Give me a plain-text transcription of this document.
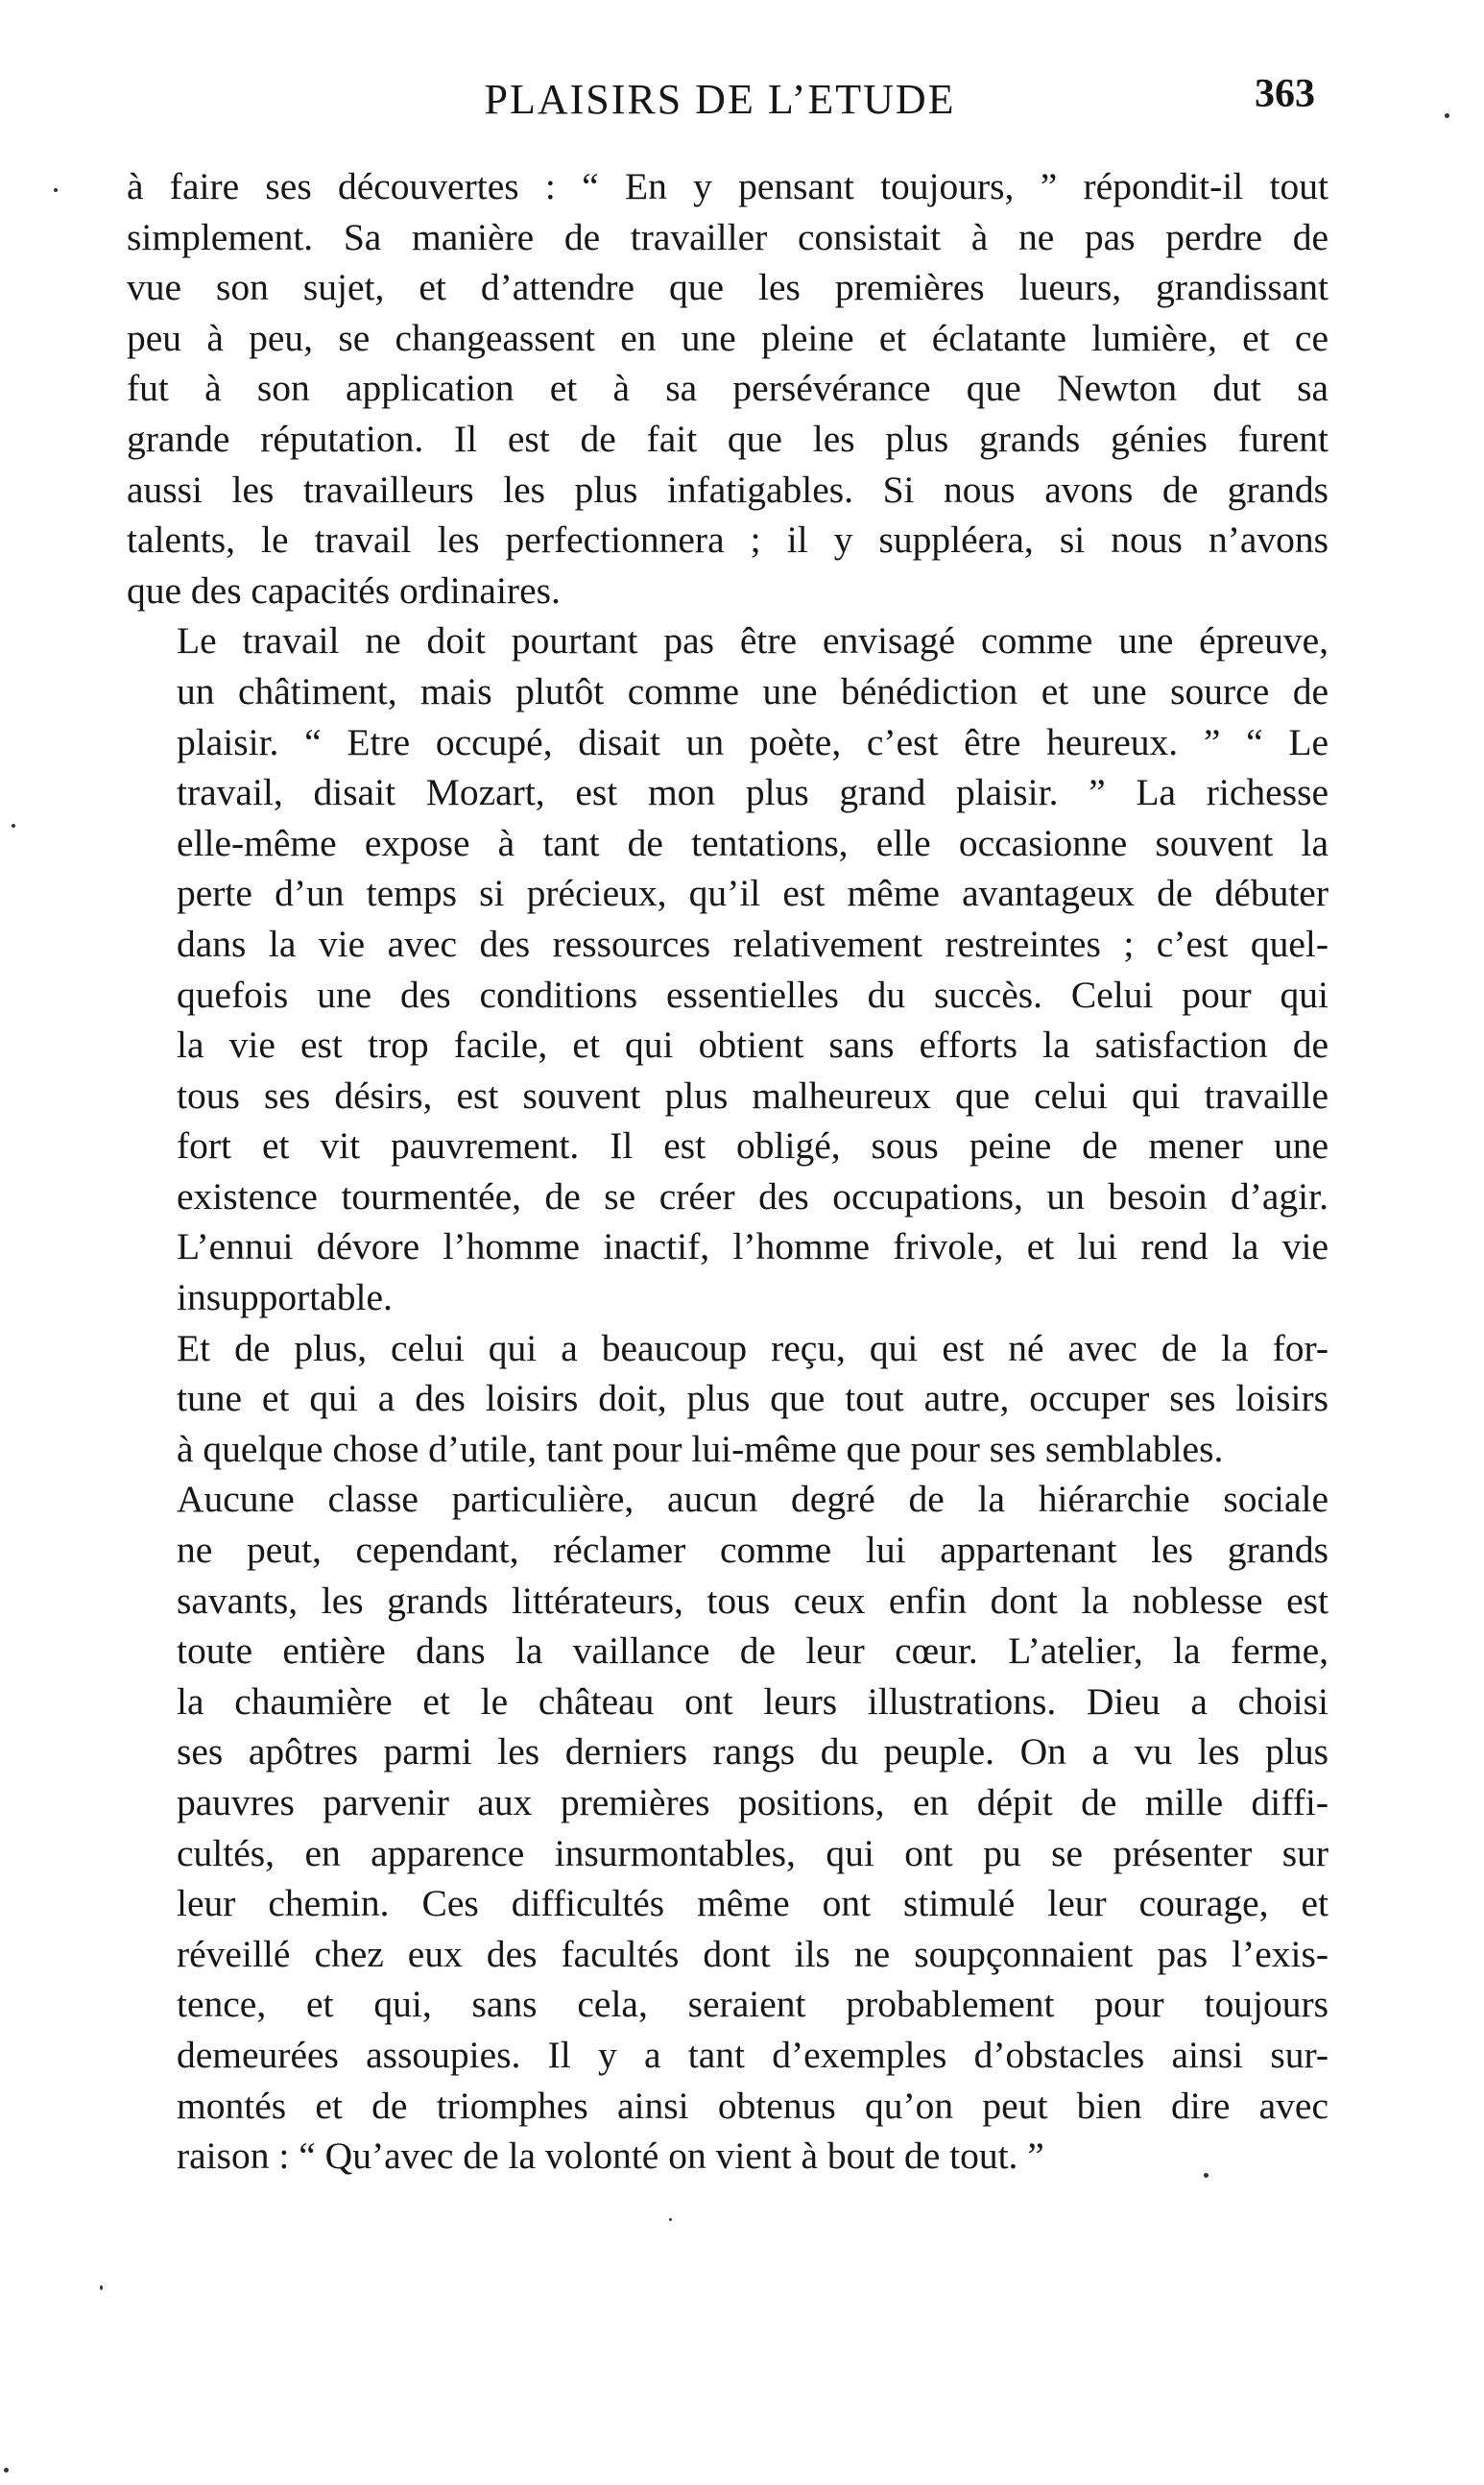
PLAISIRS DE L’ETUDE	363
à faire ses découvertes : “ En y pensant toujours, ” répondit-il tout
simplement. Sa manière de travailler consistait à ne pas perdre de
vue son sujet, et d’attendre que les premières lueurs, grandissant
peu à peu, se changeassent en une pleine et éclatante lumière, et ce
fut à son application et à sa persévérance que Newton dut sa
grande réputation. Il est de fait que les plus grands génies furent
aussi les travailleurs les plus infatigables. Si nous avons de grands
talents, le travail les perfectionnera ; il y suppléera, si nous n’avons
que des capacités ordinaires.
Le travail ne doit pourtant pas être envisagé comme une épreuve,
un châtiment, mais plutôt comme une bénédiction et une source de
plaisir. “ Etre occupé, disait un poète, c’est être heureux. ” “ Le
travail, disait Mozart, est mon plus grand plaisir. ” La richesse
elle-même expose à tant de tentations, elle occasionne souvent la
perte d’un temps si précieux, qu’il est même avantageux de débuter
dans la vie avec des ressources relativement restreintes ; c’est quel-
quefois une des conditions essentielles du succès. Celui pour qui
la vie est trop facile, et qui obtient sans efforts la satisfaction de
tous ses désirs, est souvent plus malheureux que celui qui travaille
fort et vit pauvrement. Il est obligé, sous peine de mener une
existence tourmentée, de se créer des occupations, un besoin d’agir.
L’ennui dévore l’homme inactif, l’homme frivole, et lui rend la vie
insupportable.
Et de plus, celui qui a beaucoup reçu, qui est né avec de la for-
tune et qui a des loisirs doit, plus que tout autre, occuper ses loisirs
à quelque chose d’utile, tant pour lui-même que pour ses semblables.
Aucune classe particulière, aucun degré de la hiérarchie sociale
ne peut, cependant, réclamer comme lui appartenant les grands
savants, les grands littérateurs, tous ceux enfin dont la noblesse est
toute entière dans la vaillance de leur cœur. L’atelier, la ferme,
la chaumière et le château ont leurs illustrations. Dieu a choisi
ses apôtres parmi les derniers rangs du peuple. On a vu les plus
pauvres parvenir aux premières positions, en dépit de mille diffi-
cultés, en apparence insurmontables, qui ont pu se présenter sur
leur chemin. Ces difficultés même ont stimulé leur courage, et
réveillé chez eux des facultés dont ils ne soupçonnaient pas l’exis-
tence, et qui, sans cela, seraient probablement pour toujours
demeurées assoupies. Il y a tant d’exemples d’obstacles ainsi sur-
montés et de triomphes ainsi obtenus qu’on peut bien dire avec
raison : “ Qu’avec de la volonté on vient à bout de tout. ”
